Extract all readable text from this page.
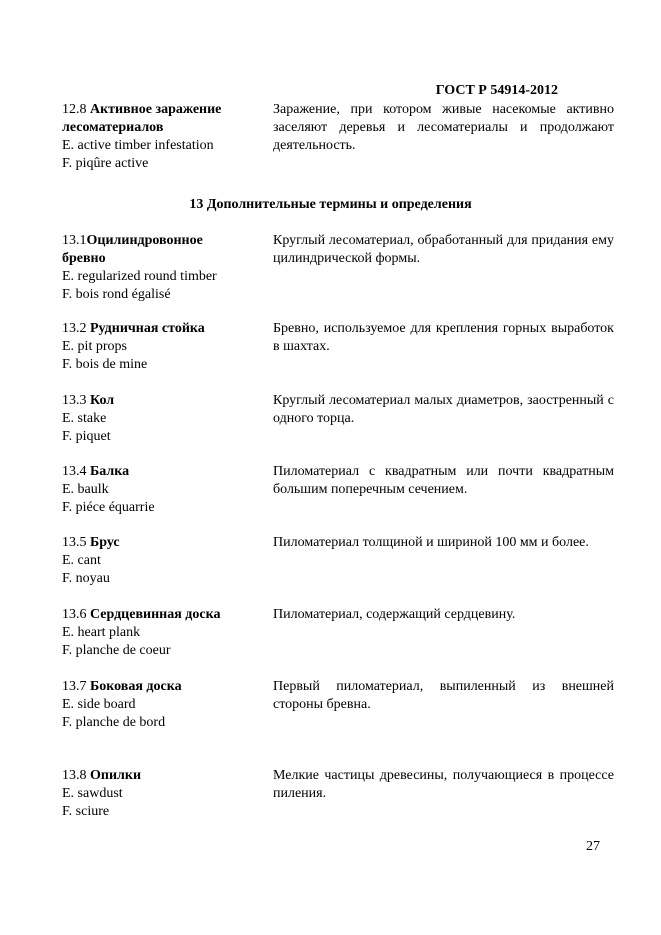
ГОСТ Р 54914-2012
12.8 Активное заражение
лесоматериалов
E. active timber infestation
F. piqûre active
Заражение, при котором живые насекомые активно заселяют деревья и лесоматериалы и продолжают деятельность.
13 Дополнительные термины и определения
13.1Оцилиндровонное
бревно
E. regularized round timber
F. bois rond égalisé
Круглый лесоматериал, обработанный для придания ему цилиндрической формы.
13.2 Рудничная стойка
E. pit props
F. bois de mine
Бревно, используемое для крепления горных выработок в шахтах.
13.3 Кол
E. stake
F. piquet
Круглый лесоматериал малых диаметров, заостренный с одного торца.
13.4 Балка
E. baulk
F. piéce équarrie
Пиломатериал с квадратным или почти квадратным большим поперечным сечением.
13.5 Брус
E. cant
F. noyau
Пиломатериал толщиной и шириной 100 мм и более.
13.6 Сердцевинная доска
E. heart plank
F. planche de coeur
Пиломатериал, содержащий сердцевину.
13.7 Боковая доска
E. side board
F. planche de bord
Первый пиломатериал, выпиленный из внешней стороны бревна.
13.8 Опилки
E. sawdust
F. sciure
Мелкие частицы древесины, получающиеся в процессе пиления.
27
